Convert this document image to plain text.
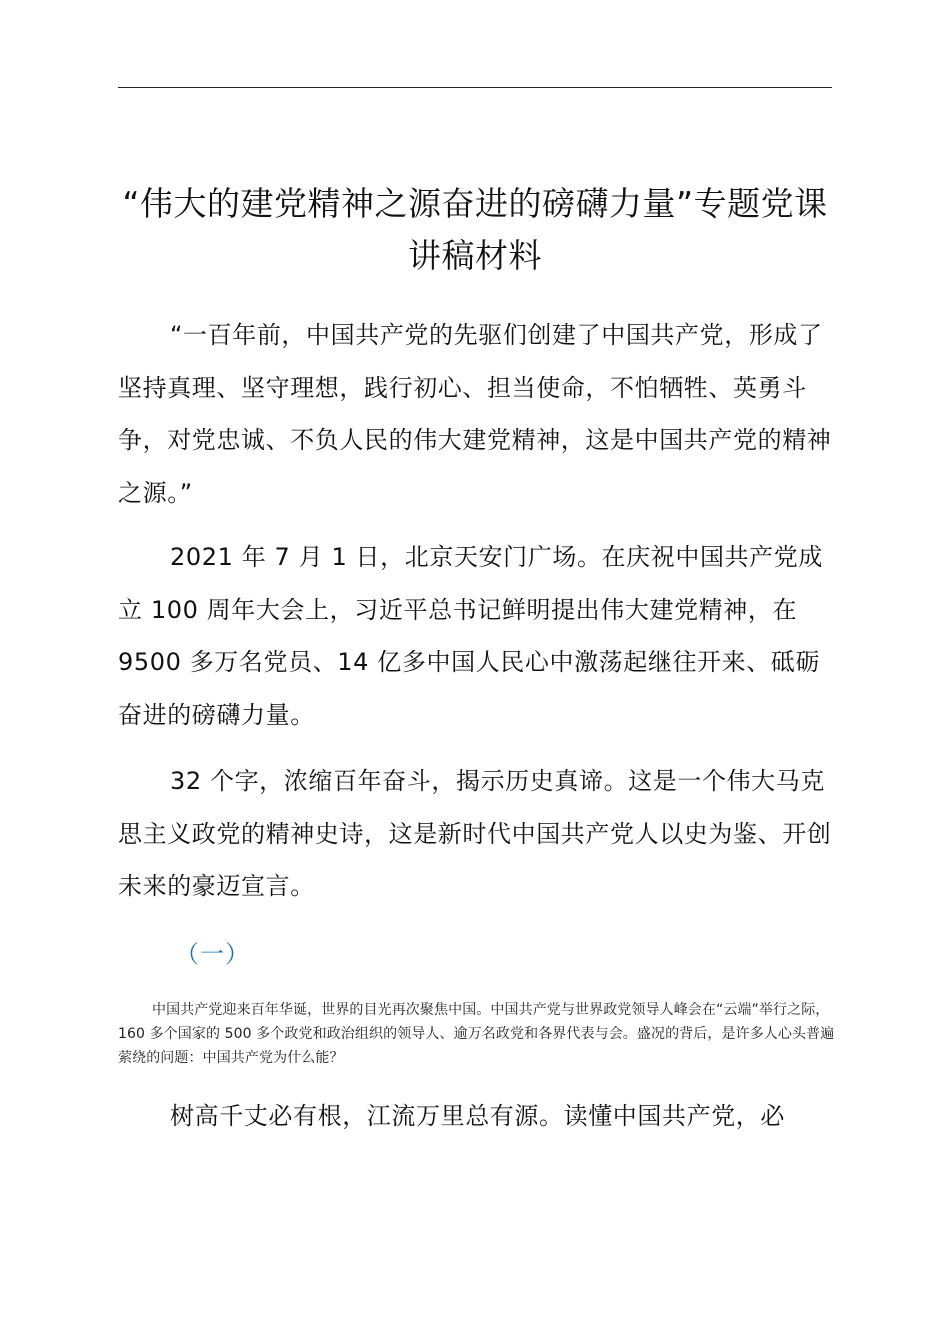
“伟大的建党精神之源奋进的磅礴力量”专题党课讲稿材料
“一百年前，中国共产党的先驱们创建了中国共产党，形成了坚持真理、坚守理想，践行初心、担当使命，不怕牺牲、英勇斗争，对党忠诚、不负人民的伟大建党精神，这是中国共产党的精神之源。”
2021 年 7 月 1 日，北京天安门广场。在庆祝中国共产党成立 100 周年大会上，习近平总书记鲜明提出伟大建党精神，在 9500 多万名党员、14 亿多中国人民心中激荡起继往开来、砥砺奋进的磅礴力量。
32 个字，浓缩百年奋斗，揭示历史真谛。这是一个伟大马克思主义政党的精神史诗，这是新时代中国共产党人以史为鉴、开创未来的豪迈宣言。
（一）
中国共产党迎来百年华诞，世界的目光再次聚焦中国。中国共产党与世界政党领导人峰会在“云端”举行之际，160 多个国家的 500 多个政党和政治组织的领导人、逾万名政党和各界代表与会。盛况的背后，是许多人心头普遍萦绕的问题：中国共产党为什么能？
树高千丈必有根，江流万里总有源。读懂中国共产党，必
